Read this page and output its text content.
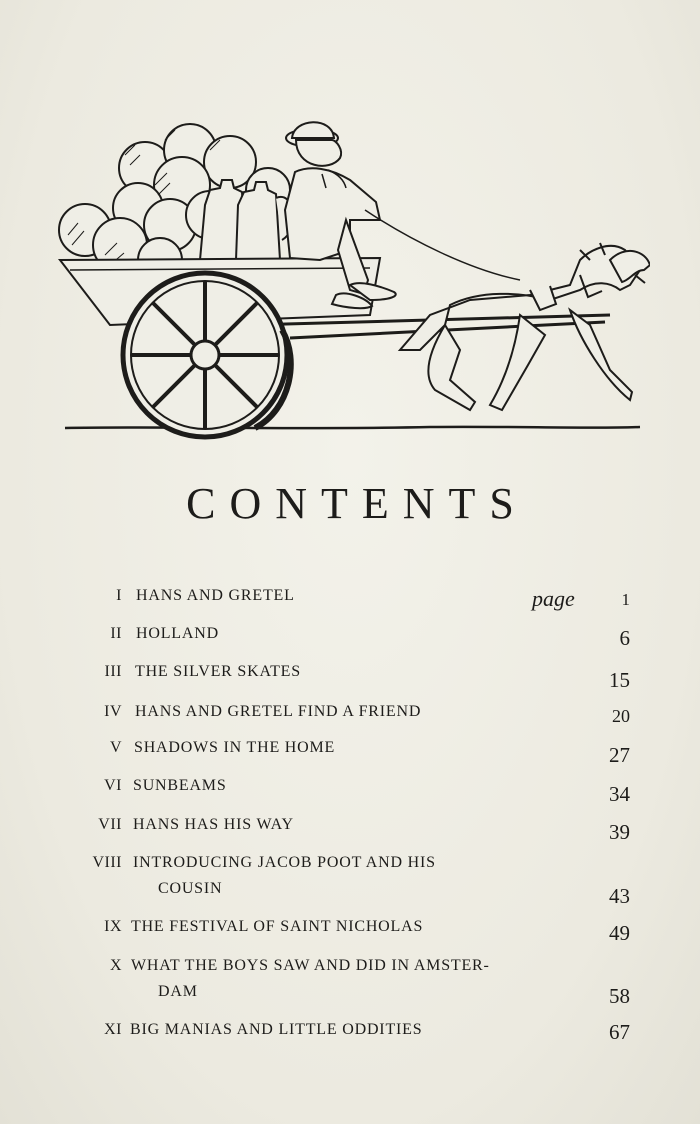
CONTENTS
I HANS AND GRETEL	page	1
II HOLLAND	6
III THE SILVER SKATES	15
IV HANS AND GRETEL FIND A FRIEND	20
V SHADOWS IN THE HOME	27
VI SUNBEAMS	34
VII HANS HAS HIS WAY	39
VIII INTRODUCING JACOB POOT AND HIS
COUSIN	43
IX THE FESTIVAL OF SAINT NICHOLAS	49
X WHAT THE BOYS SAW AND DID IN AMSTER-
DAM	58
XI BIG MANIAS AND LITTLE ODDITIES	67
